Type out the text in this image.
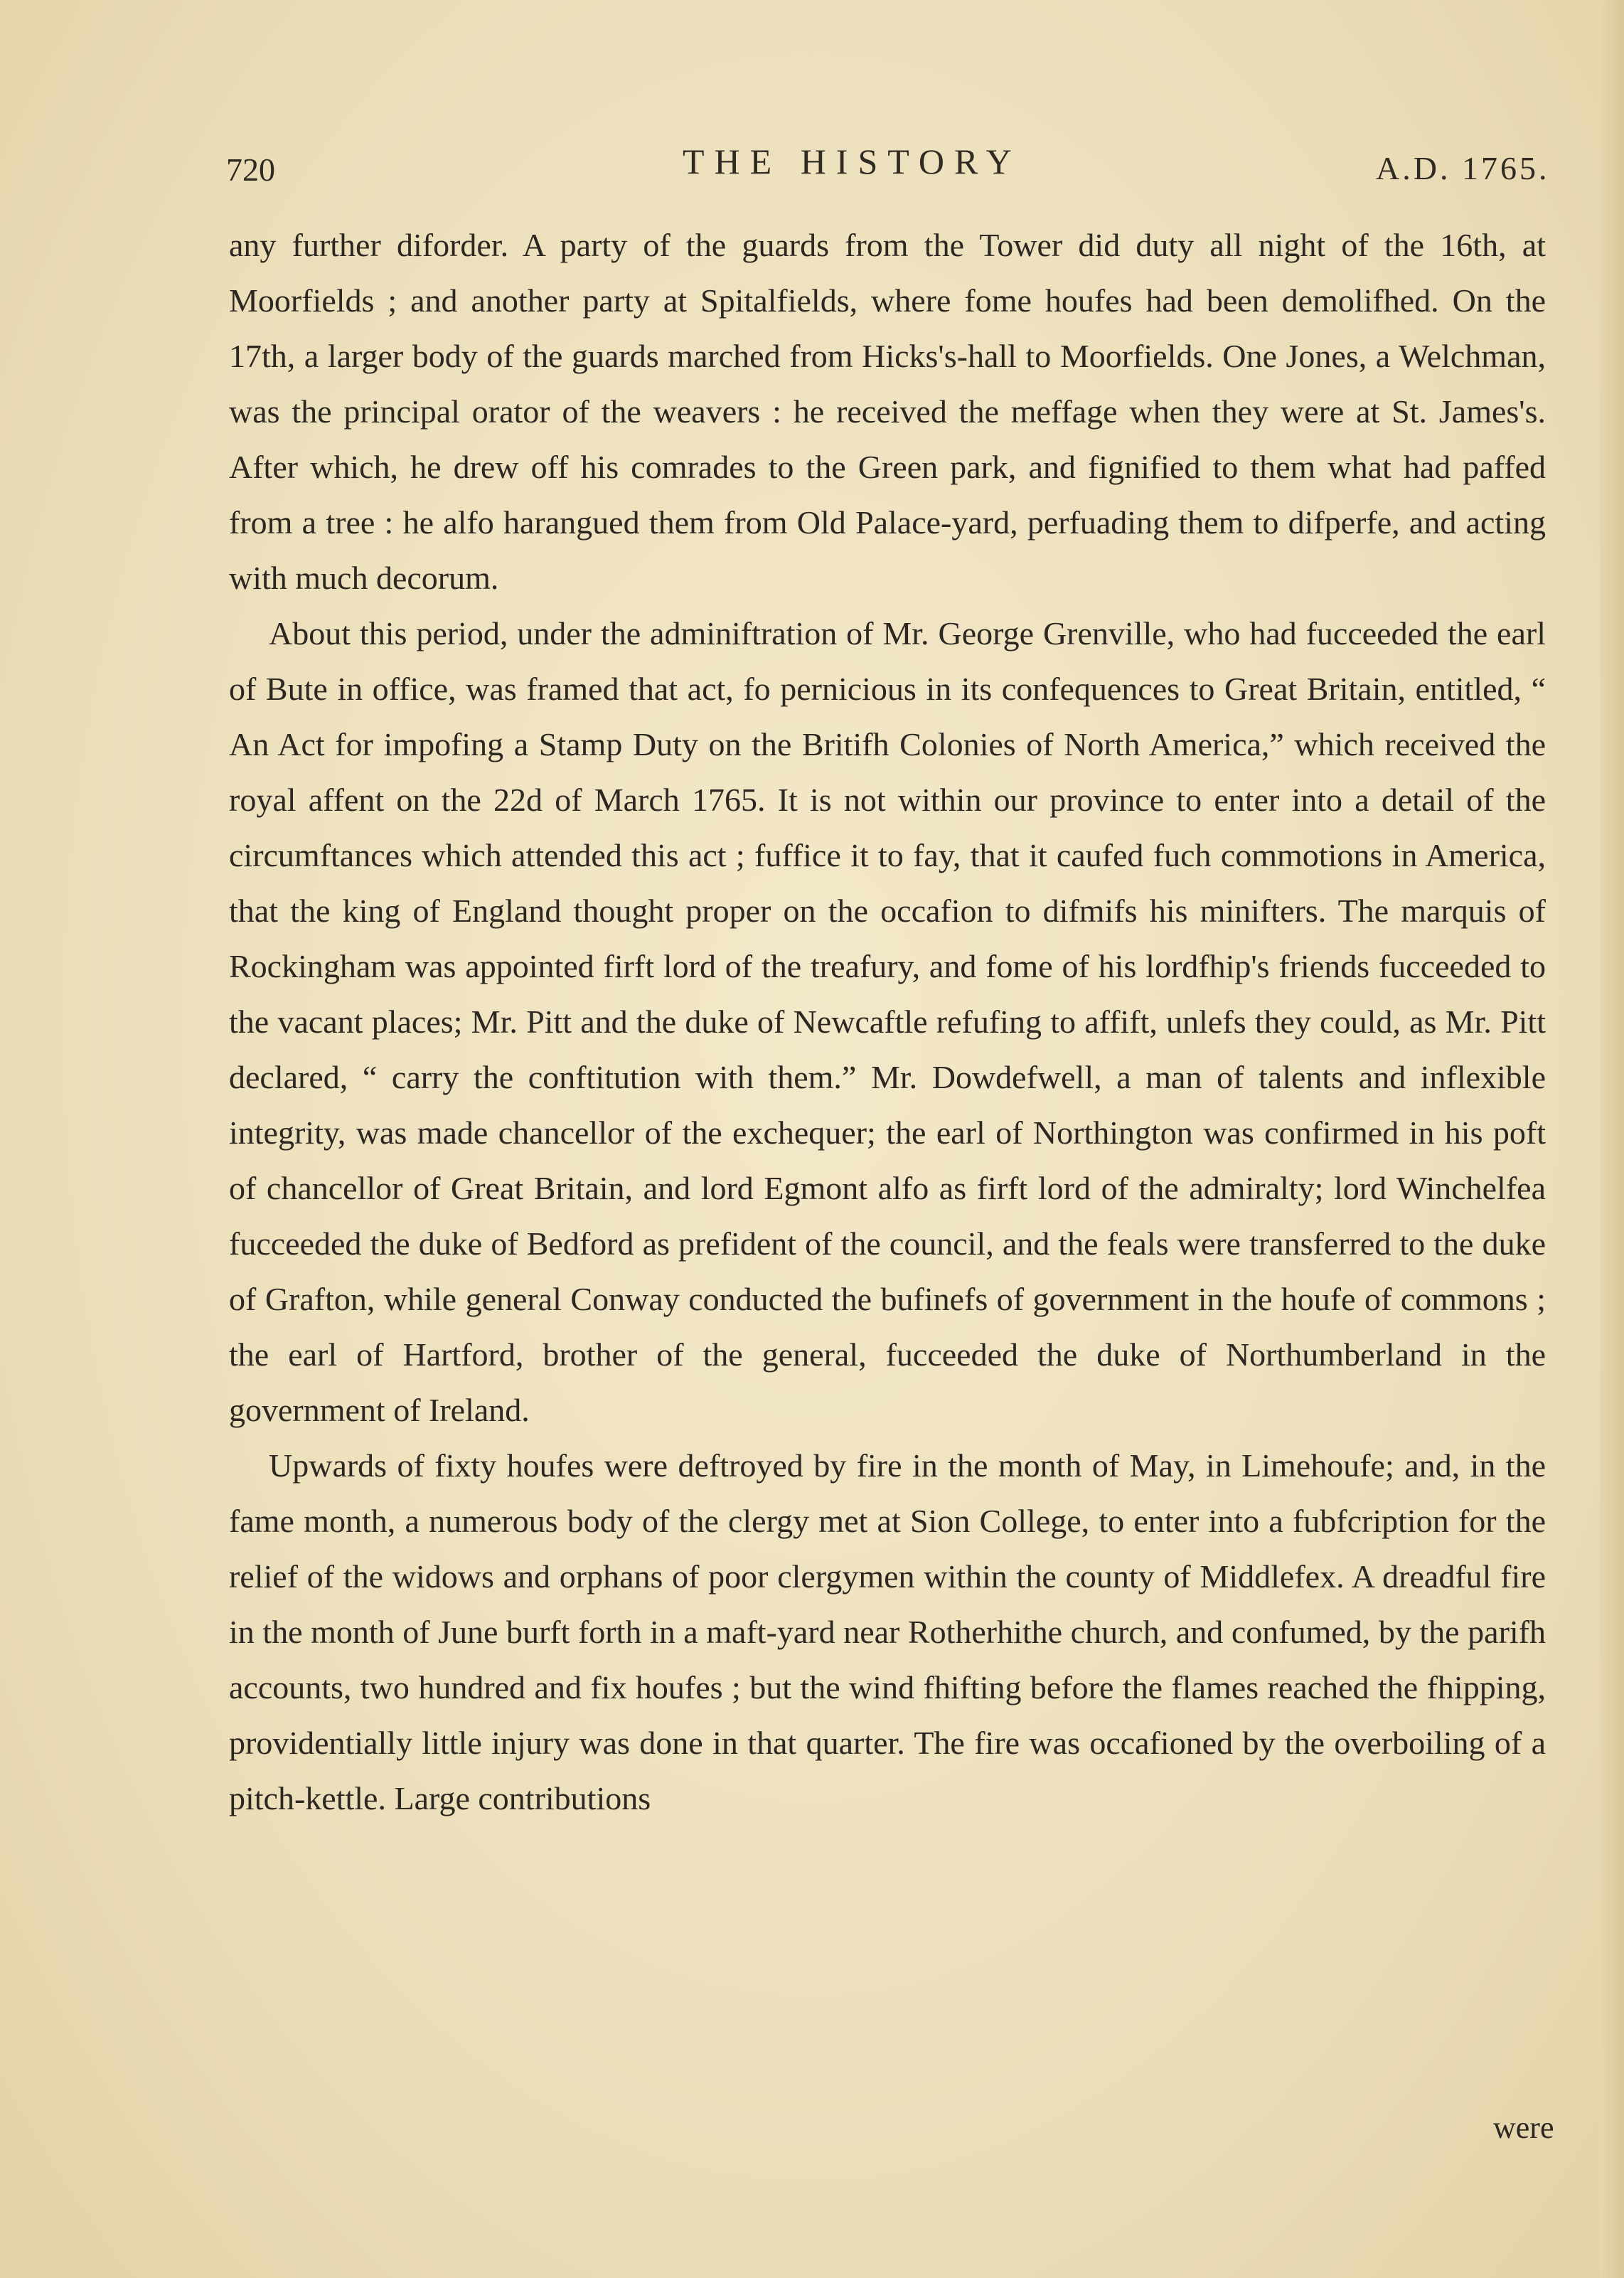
720	THE HISTORY	A.D. 1765.

any further diforder. A party of the guards from the Tower did duty all night of the 16th, at Moorfields ; and another party at Spitalfields, where fome houfes had been demolifhed. On the 17th, a larger body of the guards marched from Hicks's-hall to Moorfields. One Jones, a Welchman, was the principal orator of the weavers : he received the meffage when they were at St. James's. After which, he drew off his comrades to the Green park, and fignified to them what had paffed from a tree : he alfo harangued them from Old Palace-yard, perfuading them to difperfe, and acting with much decorum.

About this period, under the adminiftration of Mr. George Grenville, who had fucceeded the earl of Bute in office, was framed that act, fo pernicious in its confequences to Great Britain, entitled, “ An Act for impofing a Stamp Duty on the Britifh Colonies of North America,” which received the royal affent on the 22d of March 1765. It is not within our province to enter into a detail of the circumftances which attended this act ; fuffice it to fay, that it caufed fuch commotions in America, that the king of England thought proper on the occafion to difmifs his minifters. The marquis of Rockingham was appointed firft lord of the treafury, and fome of his lordfhip's friends fucceeded to the vacant places; Mr. Pitt and the duke of Newcaftle refufing to affift, unlefs they could, as Mr. Pitt declared, “ carry the conftitution with them.” Mr. Dowdefwell, a man of talents and inflexible integrity, was made chancellor of the exchequer; the earl of Northington was confirmed in his poft of chancellor of Great Britain, and lord Egmont alfo as firft lord of the admiralty; lord Winchelfea fucceeded the duke of Bedford as prefident of the council, and the feals were transferred to the duke of Grafton, while general Conway conducted the bufinefs of government in the houfe of commons ; the earl of Hartford, brother of the general, fucceeded the duke of Northumberland in the government of Ireland.

Upwards of fixty houfes were deftroyed by fire in the month of May, in Limehoufe; and, in the fame month, a numerous body of the clergy met at Sion College, to enter into a fubfcription for the relief of the widows and orphans of poor clergymen within the county of Middlefex. A dreadful fire in the month of June burft forth in a maft-yard near Rotherhithe church, and confumed, by the parifh accounts, two hundred and fix houfes ; but the wind fhifting before the flames reached the fhipping, providentially little injury was done in that quarter. The fire was occafioned by the overboiling of a pitch-kettle. Large contributions

were
